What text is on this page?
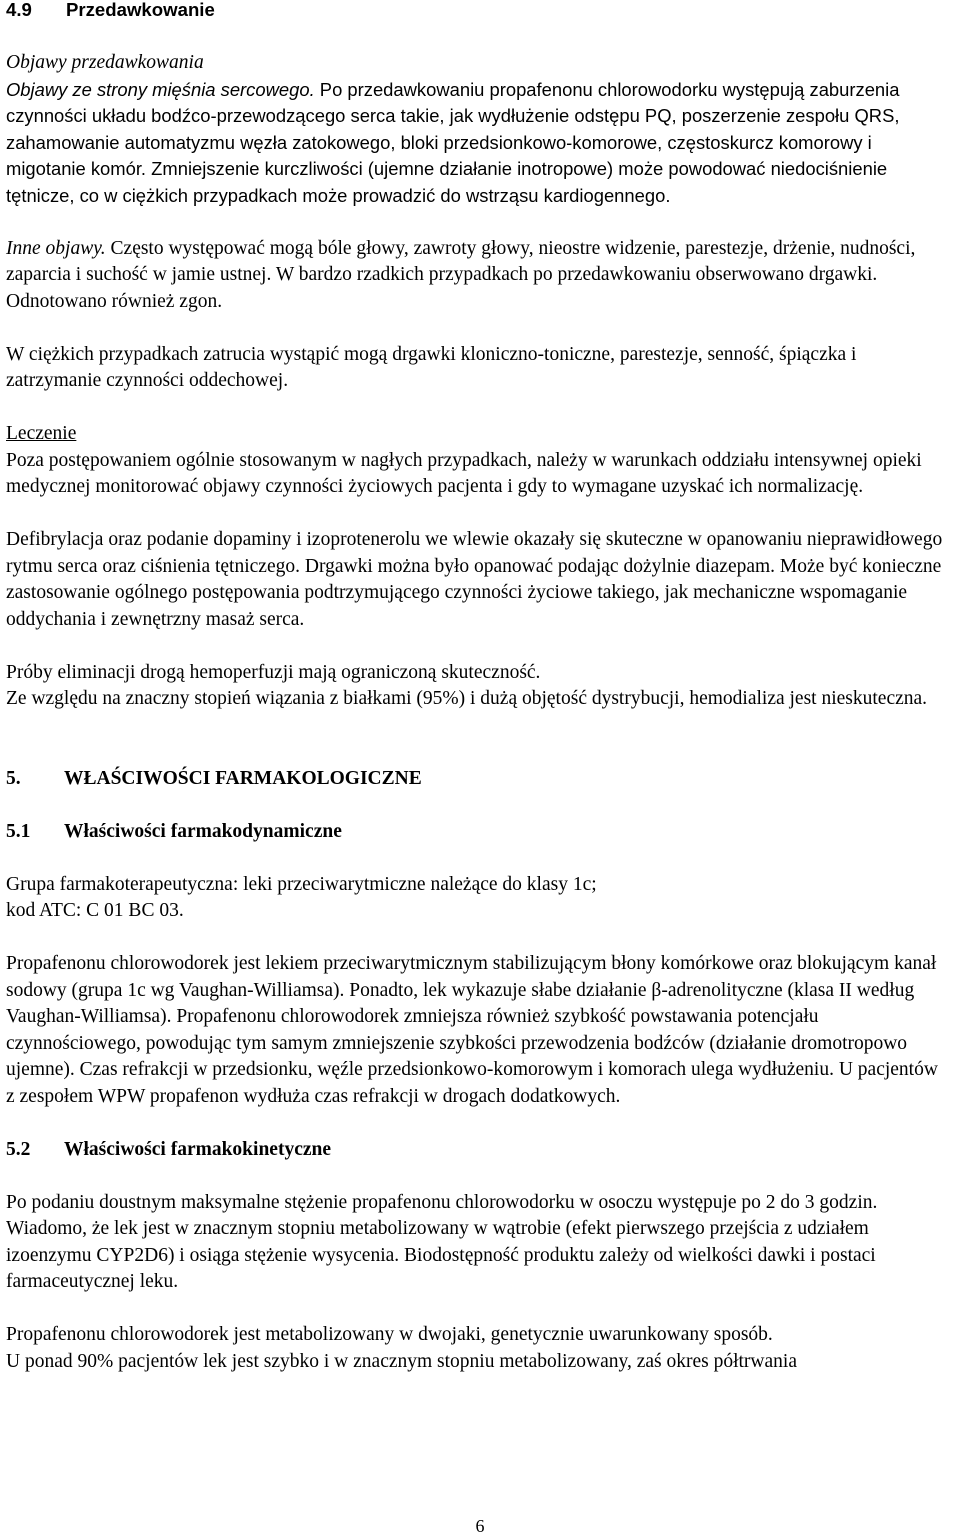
4.9	Przedawkowanie

Objawy przedawkowania

Objawy ze strony mięśnia sercowego. Po przedawkowaniu propafenonu chlorowodorku występują zaburzenia czynności układu bodźco-przewodzącego serca takie, jak wydłużenie odstępu PQ, poszerzenie zespołu QRS, zahamowanie automatyzmu węzła zatokowego, bloki przedsionkowo-komorowe, częstoskurcz komorowy i migotanie komór. Zmniejszenie kurczliwości (ujemne działanie inotropowe) może powodować niedociśnienie tętnicze, co w ciężkich przypadkach może prowadzić do wstrząsu kardiogennego.

Inne objawy. Często występować mogą bóle głowy, zawroty głowy, nieostre widzenie, parestezje, drżenie, nudności, zaparcia i suchość w jamie ustnej. W bardzo rzadkich przypadkach po przedawkowaniu obserwowano drgawki. Odnotowano również zgon.

W ciężkich przypadkach zatrucia wystąpić mogą drgawki kloniczno-toniczne, parestezje, senność, śpiączka i zatrzymanie czynności oddechowej.

Leczenie

Poza postępowaniem ogólnie stosowanym w nagłych przypadkach, należy w warunkach oddziału intensywnej opieki medycznej monitorować objawy czynności życiowych pacjenta i gdy to wymagane uzyskać ich normalizację.

Defibrylacja oraz podanie dopaminy i izoprotenerolu we wlewie okazały się skuteczne w opanowaniu nieprawidłowego rytmu serca oraz ciśnienia tętniczego. Drgawki można było opanować podając dożylnie diazepam. Może być konieczne zastosowanie ogólnego postępowania podtrzymującego czynności życiowe takiego, jak mechaniczne wspomaganie oddychania i zewnętrzny masaż serca.

Próby eliminacji drogą hemoperfuzji mają ograniczoną skuteczność.

Ze względu na znaczny stopień wiązania z białkami (95%) i dużą objętość dystrybucji, hemodializa jest nieskuteczna.

5.	WŁAŚCIWOŚCI FARMAKOLOGICZNE
5.1	Właściwości farmakodynamiczne

Grupa farmakoterapeutyczna: leki przeciwarytmiczne należące do klasy 1c;

kod ATC: C 01 BC 03.

Propafenonu chlorowodorek jest lekiem przeciwarytmicznym stabilizującym błony komórkowe oraz blokującym kanał sodowy (grupa 1c wg Vaughan-Williamsa). Ponadto, lek wykazuje słabe działanie β-adrenolityczne (klasa II według Vaughan-Williamsa). Propafenonu chlorowodorek zmniejsza również szybkość powstawania potencjału czynnościowego, powodując tym samym zmniejszenie szybkości przewodzenia bodźców (działanie dromotropowo ujemne). Czas refrakcji w przedsionku, węźle przedsionkowo-komorowym i komorach ulega wydłużeniu. U pacjentów z zespołem WPW propafenon wydłuża czas refrakcji w drogach dodatkowych.

5.2	Właściwości farmakokinetyczne

Po podaniu doustnym maksymalne stężenie propafenonu chlorowodorku w osoczu występuje po 2 do 3 godzin. Wiadomo, że lek jest w znacznym stopniu metabolizowany w wątrobie (efekt pierwszego przejścia z udziałem izoenzymu CYP2D6) i osiąga stężenie wysycenia. Biodostępność produktu zależy od wielkości dawki i postaci farmaceutycznej leku.

Propafenonu chlorowodorek jest metabolizowany w dwojaki, genetycznie uwarunkowany sposób.

U ponad 90% pacjentów lek jest szybko i w znacznym stopniu metabolizowany, zaś okres półtrwania

6
